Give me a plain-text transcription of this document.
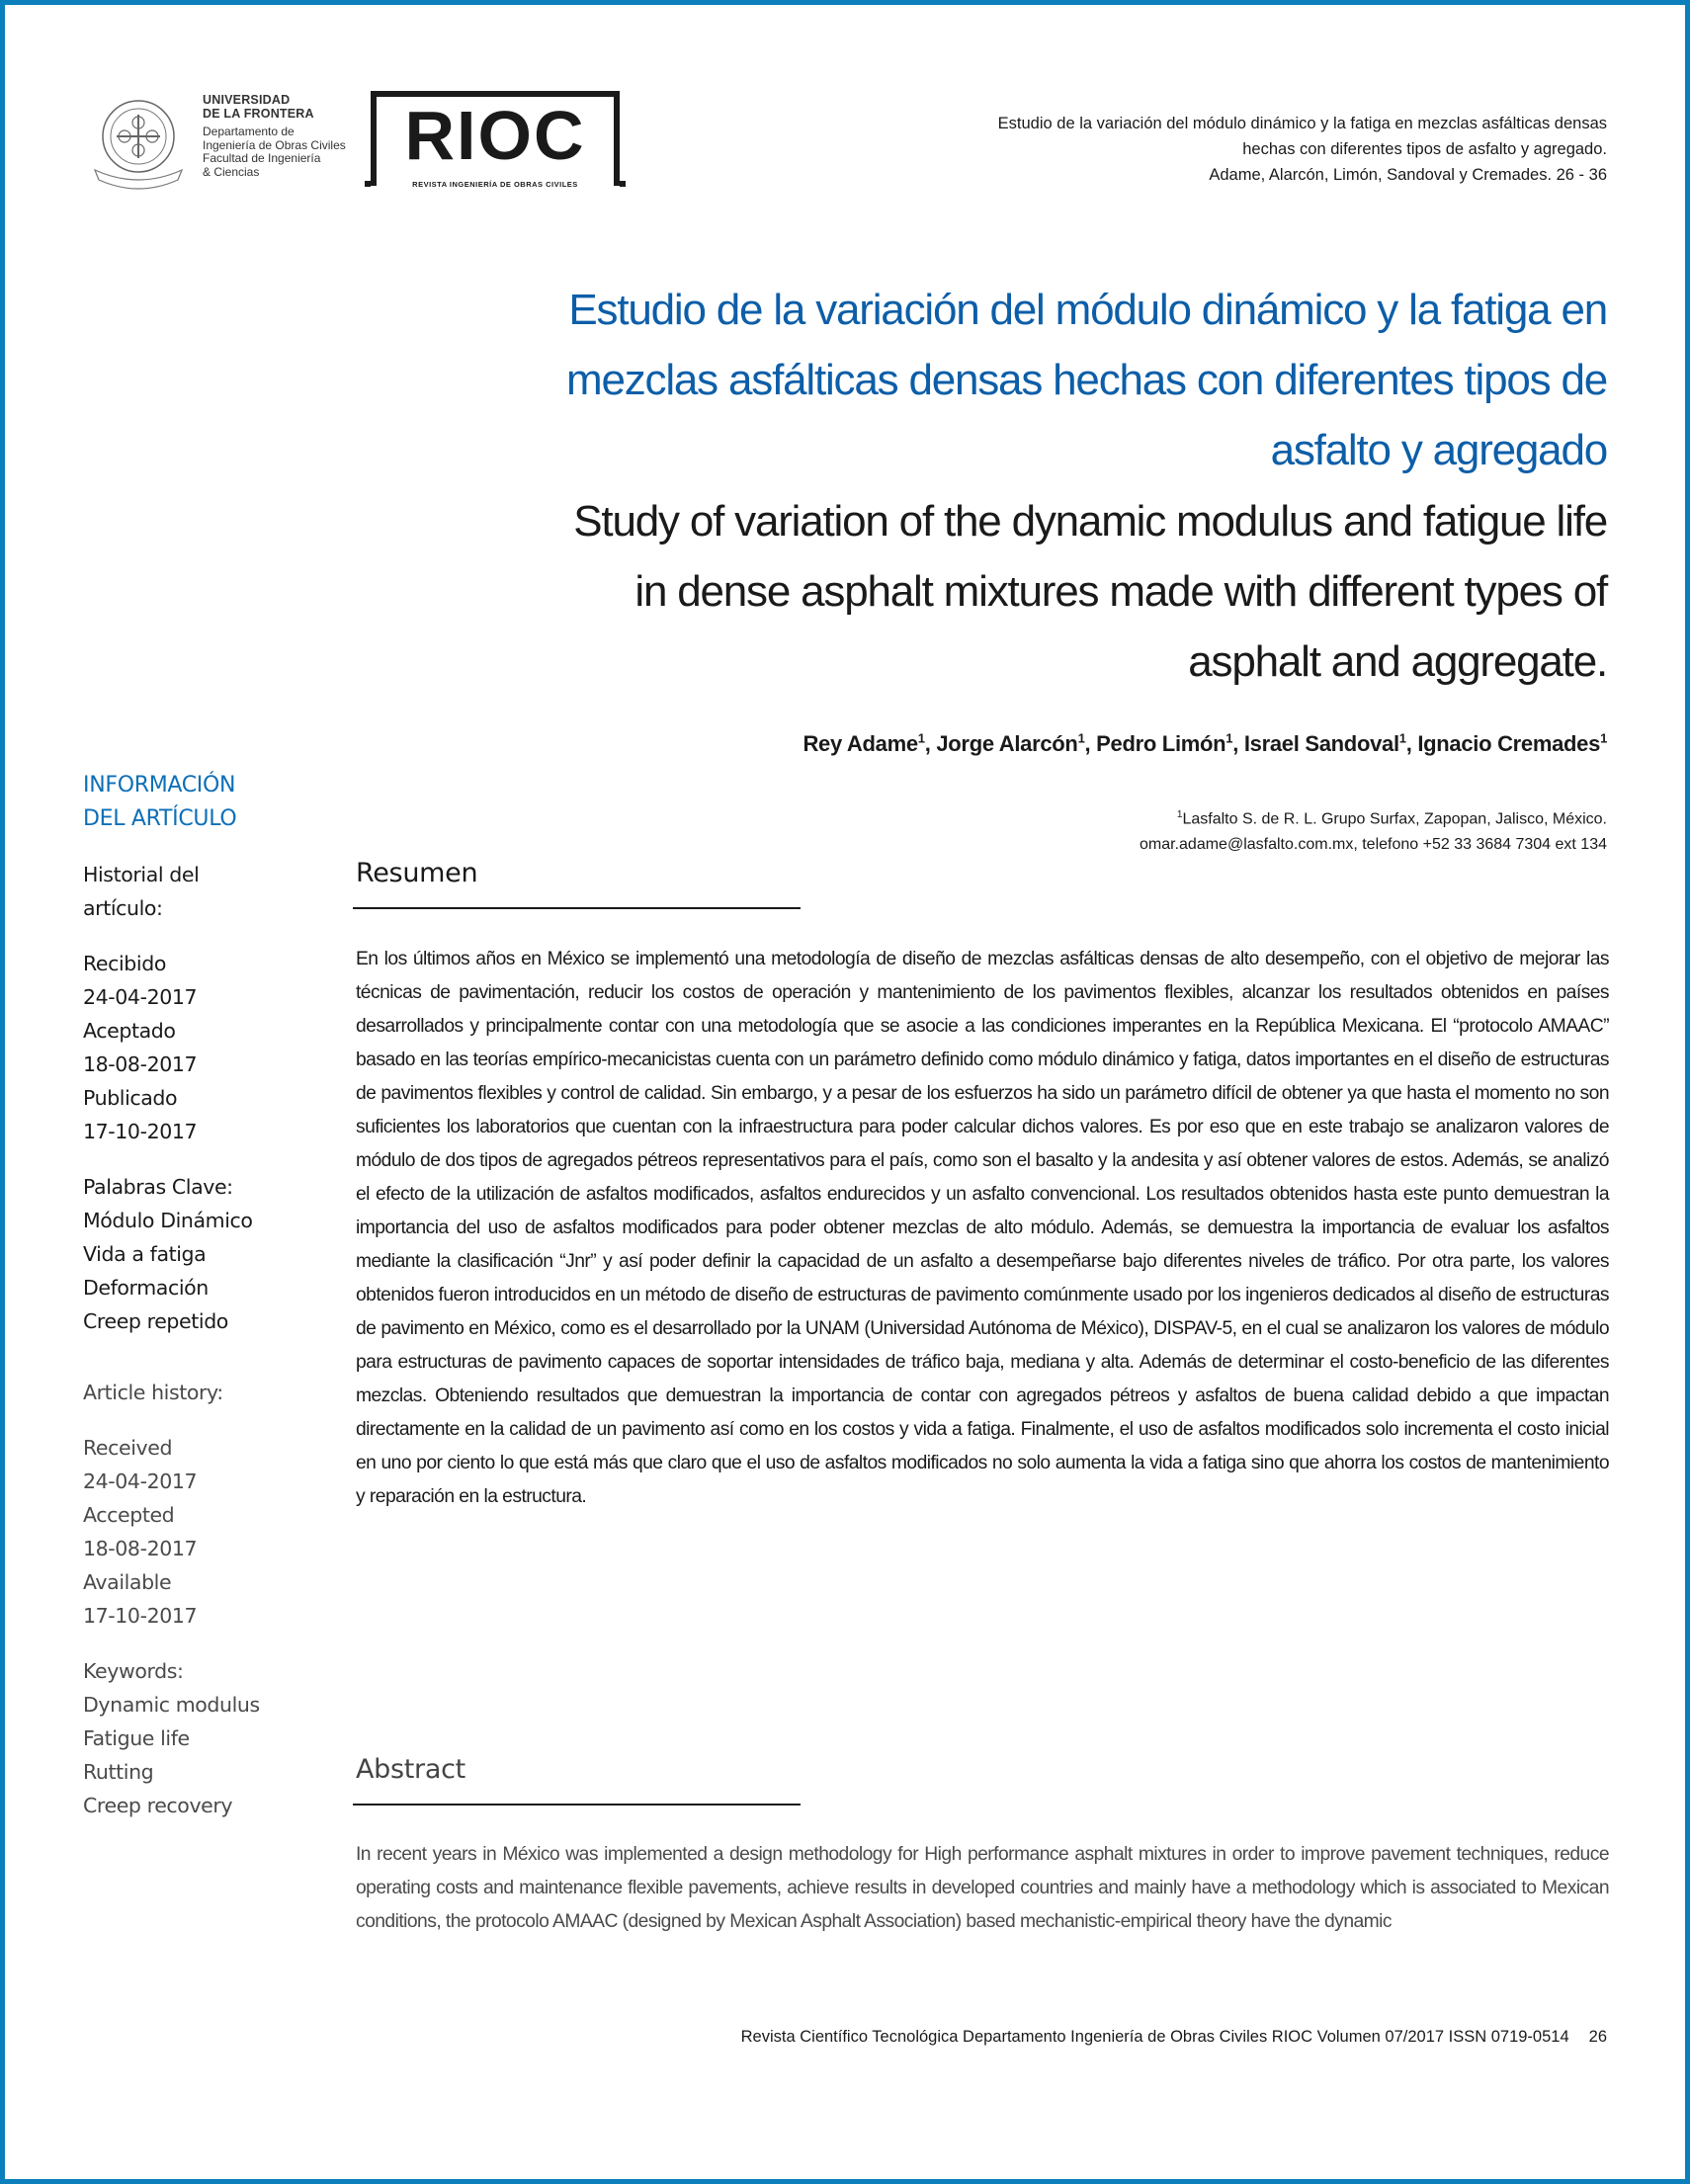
UNIVERSIDAD
DE LA FRONTERA
Departamento de
Ingeniería de Obras Civiles
Facultad de Ingeniería
& Ciencias	RIOC
REVISTA INGENIERÍA DE OBRAS CIVILES
Estudio de la variación del módulo dinámico y la fatiga en mezclas asfálticas densas
hechas con diferentes tipos de asfalto y agregado.
Adame, Alarcón, Limón, Sandoval y Cremades. 26 - 36
Estudio de la variación del módulo dinámico y la fatiga en
mezclas asfálticas densas hechas con diferentes tipos de
asfalto y agregado
Study of variation of the dynamic modulus and fatigue life
in dense asphalt mixtures made with different types of
asphalt and aggregate.
Rey Adame$^1$, Jorge Alarcón$^1$, Pedro Limón$^1$, Israel Sandoval$^1$, Ignacio Cremades$^1$
$^1$Lasfalto S. de R. L. Grupo Surfax, Zapopan, Jalisco, México.
omar.adame@lasfalto.com.mx, telefono +52 33 3684 7304 ext 134
INFORMACIÓN
DEL ARTÍCULO
Historial del
artículo:
Recibido
24-04-2017
Aceptado
18-08-2017
Publicado
17-10-2017
Palabras Clave:
Módulo Dinámico
Vida a fatiga
Deformación
Creep repetido
Article history:
Received
24-04-2017
Accepted
18-08-2017
Available
17-10-2017
Keywords:
Dynamic modulus
Fatigue life
Rutting
Creep recovery
Resumen
En los últimos años en México se implementó una metodología de diseño de mezclas asfálticas densas de alto desempeño, con el objetivo de mejorar las técnicas de pavimentación, reducir los costos de operación y mantenimiento de los pavimentos flexibles, alcanzar los resultados obtenidos en países desarrollados y principalmente contar con una metodología que se asocie a las condiciones imperantes en la República Mexicana. El “protocolo AMAAC” basado en las teorías empírico-mecanicistas cuenta con un parámetro definido como módulo dinámico y fatiga, datos importantes en el diseño de estructuras de pavimentos flexibles y control de calidad. Sin embargo, y a pesar de los esfuerzos ha sido un parámetro difícil de obtener ya que hasta el momento no son suficientes los laboratorios que cuentan con la infraestructura para poder calcular dichos valores. Es por eso que en este trabajo se analizaron valores de módulo de dos tipos de agregados pétreos representativos para el país, como son el basalto y la andesita y así obtener valores de estos. Además, se analizó el efecto de la utilización de asfaltos modificados, asfaltos endurecidos y un asfalto convencional. Los resultados obtenidos hasta este punto demuestran la importancia del uso de asfaltos modificados para poder obtener mezclas de alto módulo. Además, se demuestra la importancia de evaluar los asfaltos mediante la clasificación “Jnr” y así poder definir la capacidad de un asfalto a desempeñarse bajo diferentes niveles de tráfico. Por otra parte, los valores obtenidos fueron introducidos en un método de diseño de estructuras de pavimento comúnmente usado por los ingenieros dedicados al diseño de estructuras de pavimento en México, como es el desarrollado por la UNAM (Universidad Autónoma de México), DISPAV-5, en el cual se analizaron los valores de módulo para estructuras de pavimento capaces de soportar intensidades de tráfico baja, mediana y alta. Además de determinar el costo-beneficio de las diferentes mezclas. Obteniendo resultados que demuestran la importancia de contar con agregados pétreos y asfaltos de buena calidad debido a que impactan directamente en la calidad de un pavimento así como en los costos y vida a fatiga. Finalmente, el uso de asfaltos modificados solo incrementa el costo inicial en uno por ciento lo que está más que claro que el uso de asfaltos modificados no solo aumenta la vida a fatiga sino que ahorra los costos de mantenimiento y reparación en la estructura.
Abstract
In recent years in México was implemented a design methodology for High performance asphalt mixtures in order to improve pavement techniques, reduce operating costs and maintenance flexible pavements, achieve results in developed countries and mainly have a methodology which is associated to Mexican conditions, the protocolo AMAAC (designed by Mexican Asphalt Association) based mechanistic-empirical theory have the dynamic
Revista Científico Tecnológica Departamento Ingeniería de Obras Civiles RIOC Volumen 07/2017 ISSN 0719-0514 26
